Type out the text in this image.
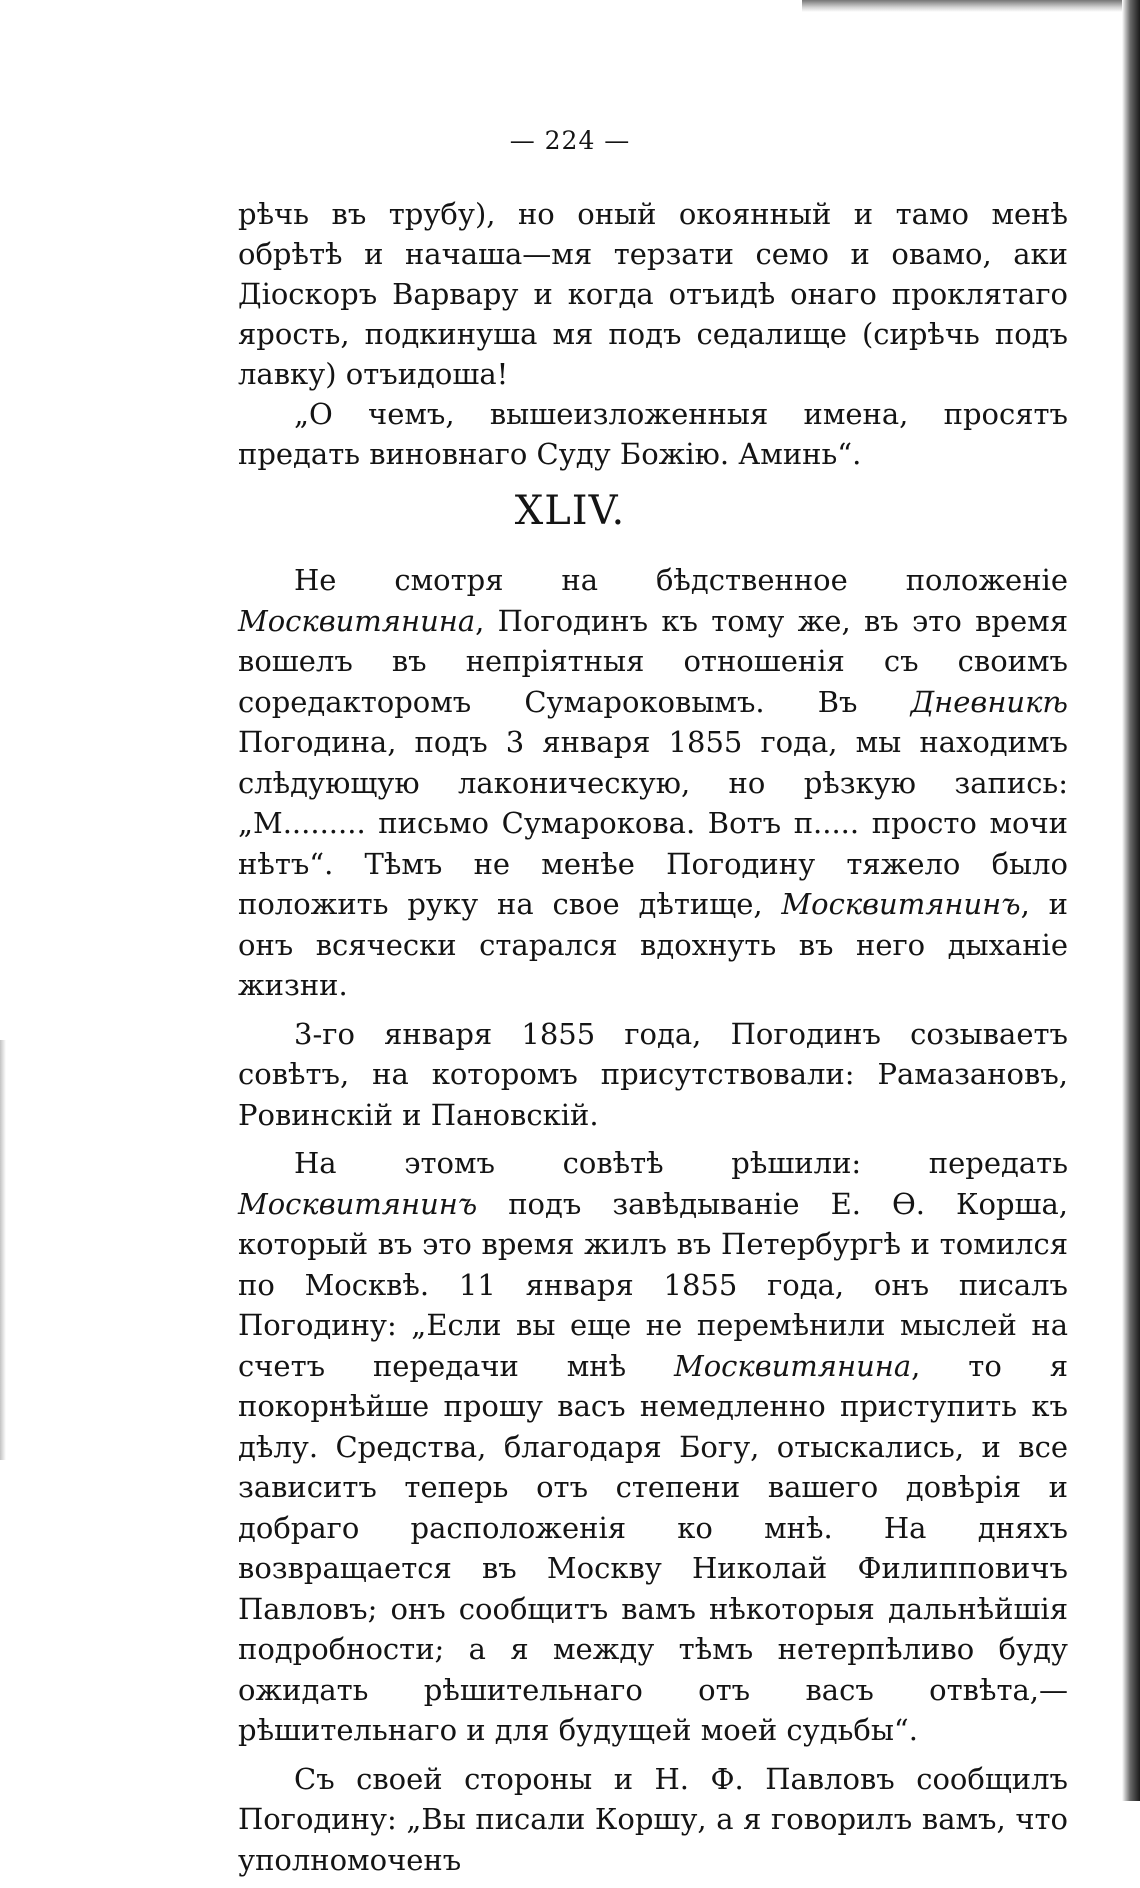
— 224 —

рѣчь въ трубу), но оный окоянный и тамо менѣ обрѣтѣ и начаша—мя терзати семо и овамо, аки Діоскоръ Варвару и когда отъидѣ онаго проклятаго ярость, подкинуша мя подъ седалище (сирѣчь подъ лавку) отъидоша!

„О чемъ, вышеизложенныя имена, просятъ предать виновнаго Суду Божію. Аминь“.

XLIV.

Не смотря на бѣдственное положеніе Москвитянина, Погодинъ къ тому же, въ это время вошелъ въ непріятныя отношенія съ своимъ соредакторомъ Сумароковымъ. Въ Дневникѣ Погодина, подъ 3 января 1855 года, мы находимъ слѣдующую лаконическую, но рѣзкую запись: „М......... письмо Сумарокова. Вотъ п..... просто мочи нѣтъ“. Тѣмъ не менѣе Погодину тяжело было положить руку на свое дѣтище, Москвитянинъ, и онъ всячески старался вдохнуть въ него дыханіе жизни.

3-го января 1855 года, Погодинъ созываетъ совѣтъ, на которомъ присутствовали: Рамазановъ, Ровинскій и Пановскій.

На этомъ совѣтѣ рѣшили: передать Москвитянинъ подъ завѣдываніе Е. Ѳ. Корша, который въ это время жилъ въ Петербургѣ и томился по Москвѣ. 11 января 1855 года, онъ писалъ Погодину: „Если вы еще не перемѣнили мыслей на счетъ передачи мнѣ Москвитянина, то я покорнѣйше прошу васъ немедленно приступить къ дѣлу. Средства, благодаря Богу, отыскались, и все зависитъ теперь отъ степени вашего довѣрія и добраго расположенія ко мнѣ. На дняхъ возвращается въ Москву Николай Филипповичъ Павловъ; онъ сообщитъ вамъ нѣкоторыя дальнѣйшія подробности; а я между тѣмъ нетерпѣливо буду ожидать рѣшительнаго отъ васъ отвѣта,—рѣшительнаго и для будущей моей судьбы“.

Съ своей стороны и Н. Ф. Павловъ сообщилъ Погодину: „Вы писали Коршу, а я говорилъ вамъ, что уполномоченъ
